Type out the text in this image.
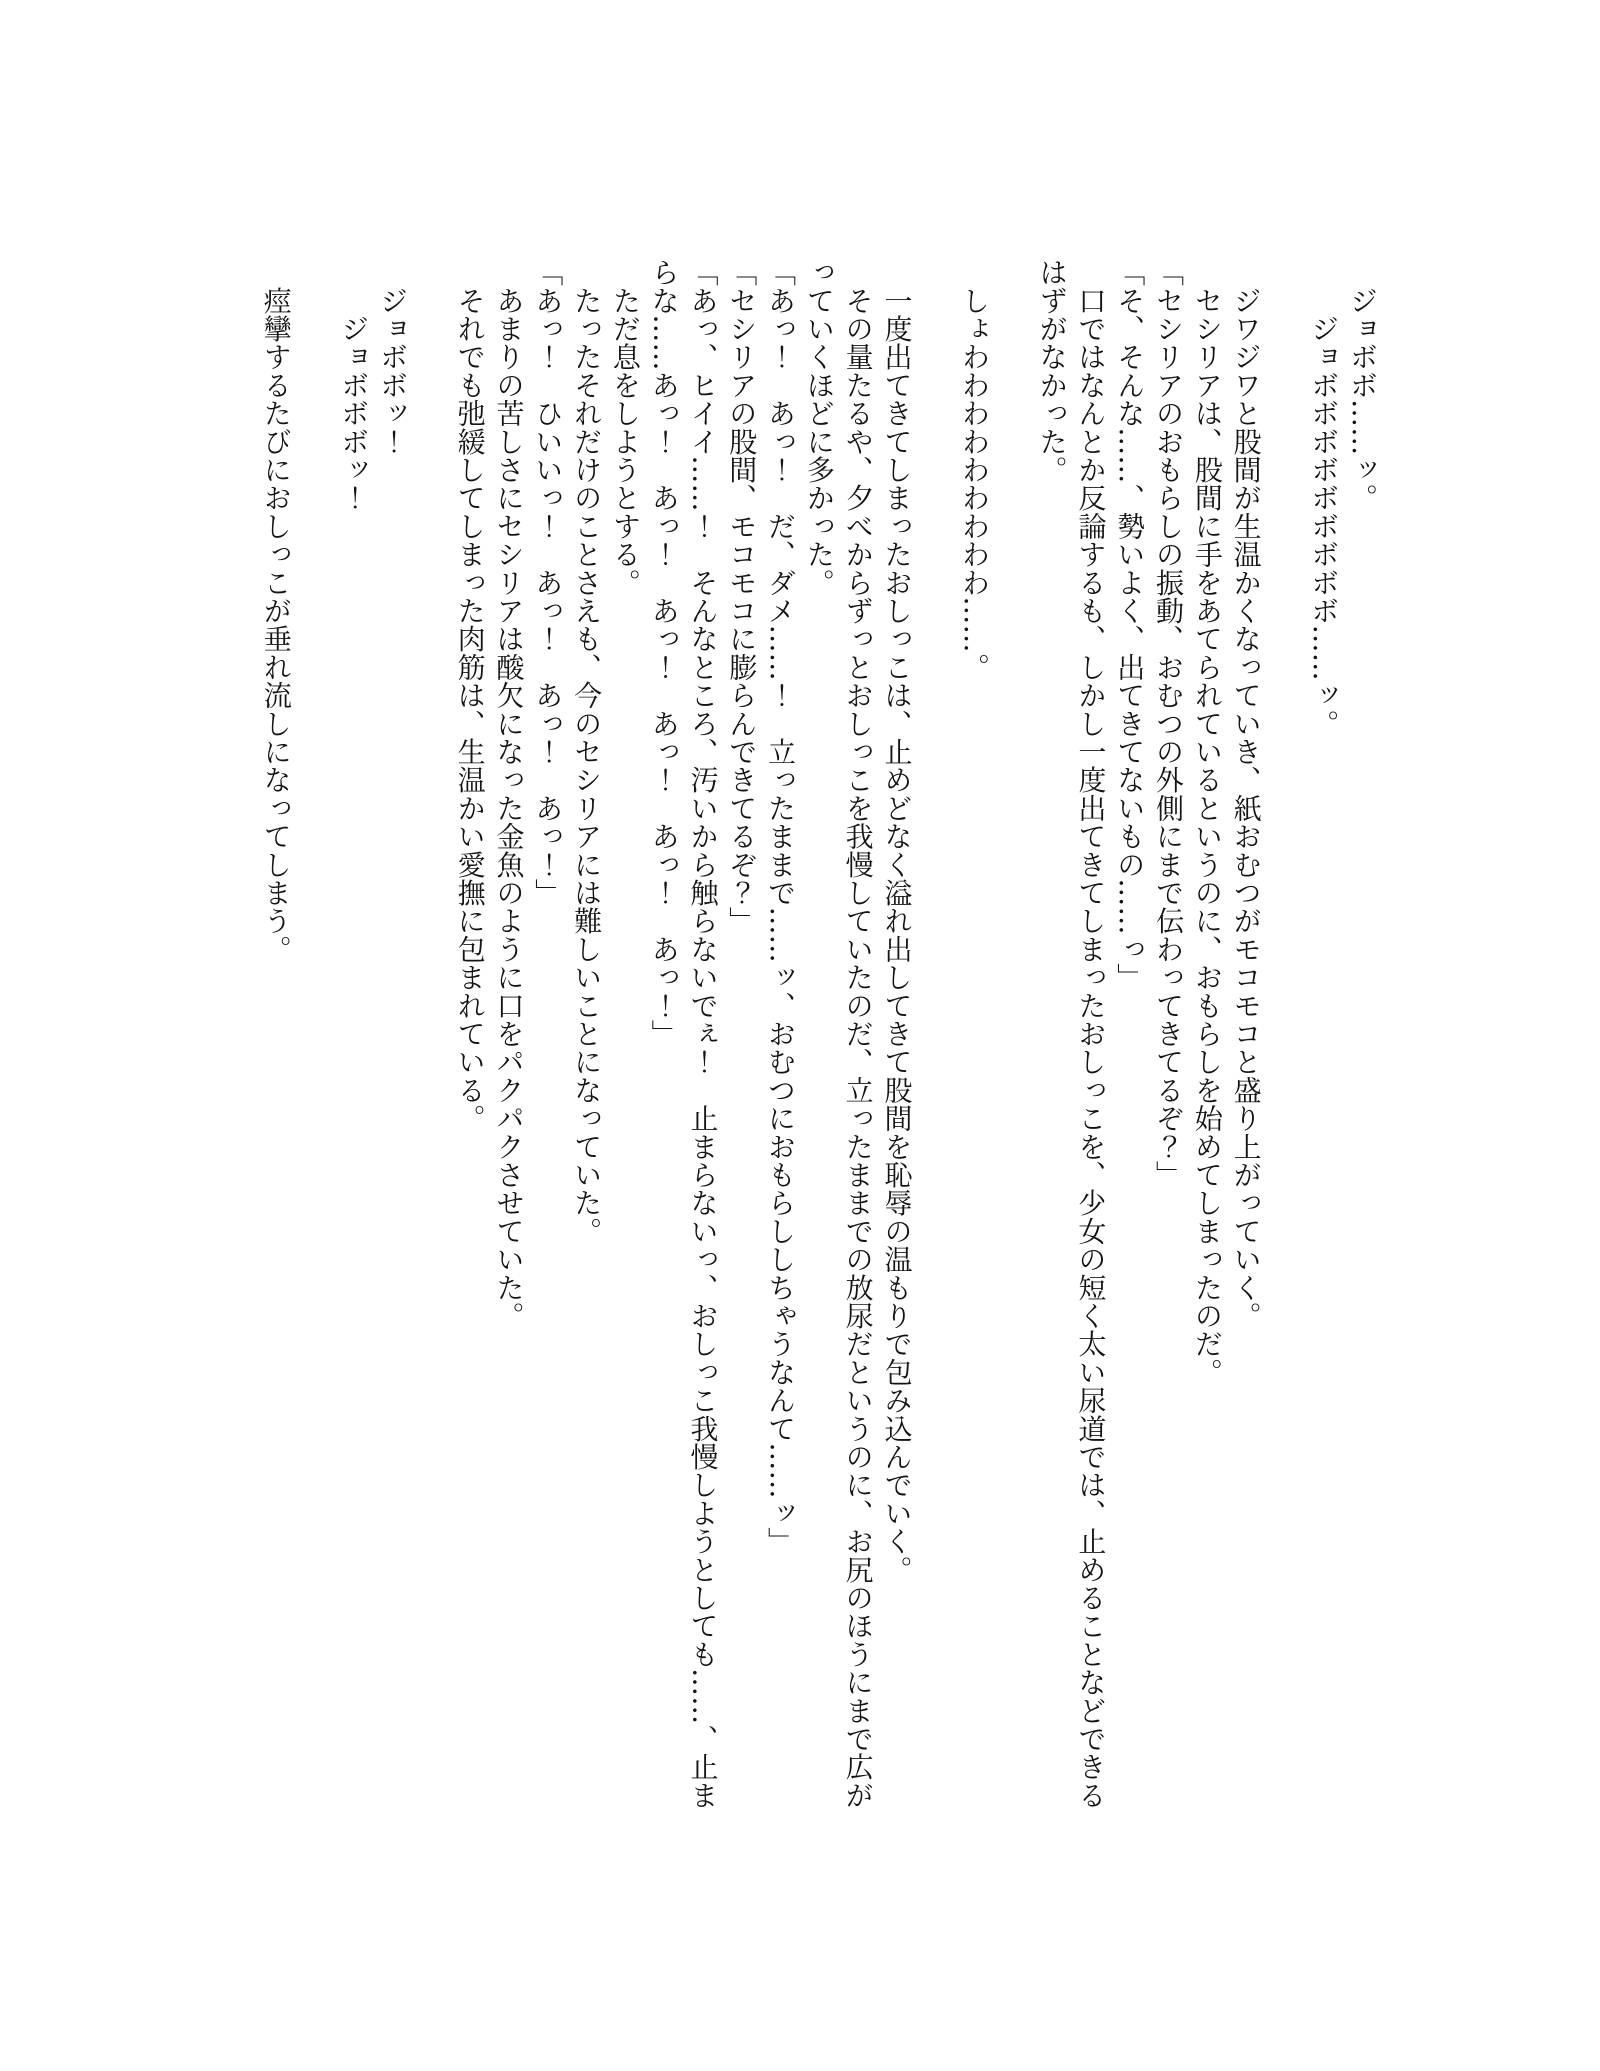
　ジョボボ……ッ。

　　ジョボボボボボボボボボ……ッ。

　ジワジワと股間が生温かくなっていき、紙おむつがモコモコと盛り上がっていく。

　セシリアは、股間に手をあてられているというのに、おもらしを始めてしまったのだ。

「セシリアのおもらしの振動、おむつの外側にまで伝わってきてるぞ？」

「そ、そんな……、勢いよく、出てきてないもの……っ」

　口ではなんとか反論するも、しかし一度出てきてしまったおしっこを、少女の短く太い尿道では、止めることなどできるはずがなかった。

　しょわわわわわわわわわ……。

　一度出てきてしまったおしっこは、止めどなく溢れ出してきて股間を恥辱の温もりで包み込んでいく。

　その量たるや、夕べからずっとおしっこを我慢していたのだ、立ったままでの放尿だというのに、お尻のほうにまで広がっていくほどに多かった。

「あっ！　あっ！　だ、ダメ……！　立ったままで……ッ、おむつにおもらししちゃうなんて……ッ」

「セシリアの股間、モコモコに膨らんできてるぞ？」

「あっ、ヒイイ……！　そんなところ、汚いから触らないでぇ！　止まらないっ、おしっこ我慢しようとしても……、止まらな……あっ！　あっ！　あっ！　あっ！　あっ！　あっ！」

　ただ息をしようとする。

　たったそれだけのことさえも、今のセシリアには難しいことになっていた。

「あっ！　ひいいっ！　あっ！　あっ！　あっ！」

　あまりの苦しさにセシリアは酸欠になった金魚のように口をパクパクさせていた。

　それでも弛緩してしまった肉筋は、生温かい愛撫に包まれている。

　ジョボボッ！

　　ジョボボボッ！

　痙攣するたびにおしっこが垂れ流しになってしまう。
